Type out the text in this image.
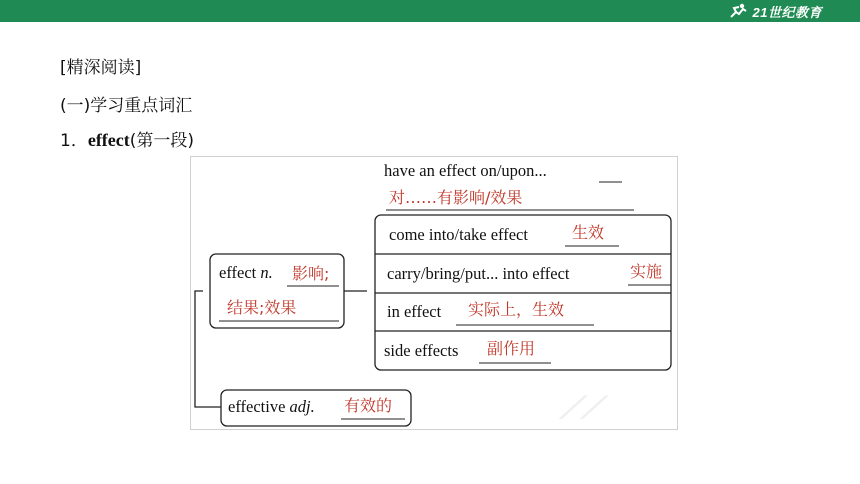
21世纪教育
[精深阅读]
(一)学习重点词汇
1．effect(第一段)
have an effect on/upon...
对……有影响/效果
come into/take effect	生效
carry/bring/put... into effect	实施
in effect 实际上，生效
side effects 副作用
effect n. 影响;
结果;效果
effective adj. 有效的	⟋⟋
